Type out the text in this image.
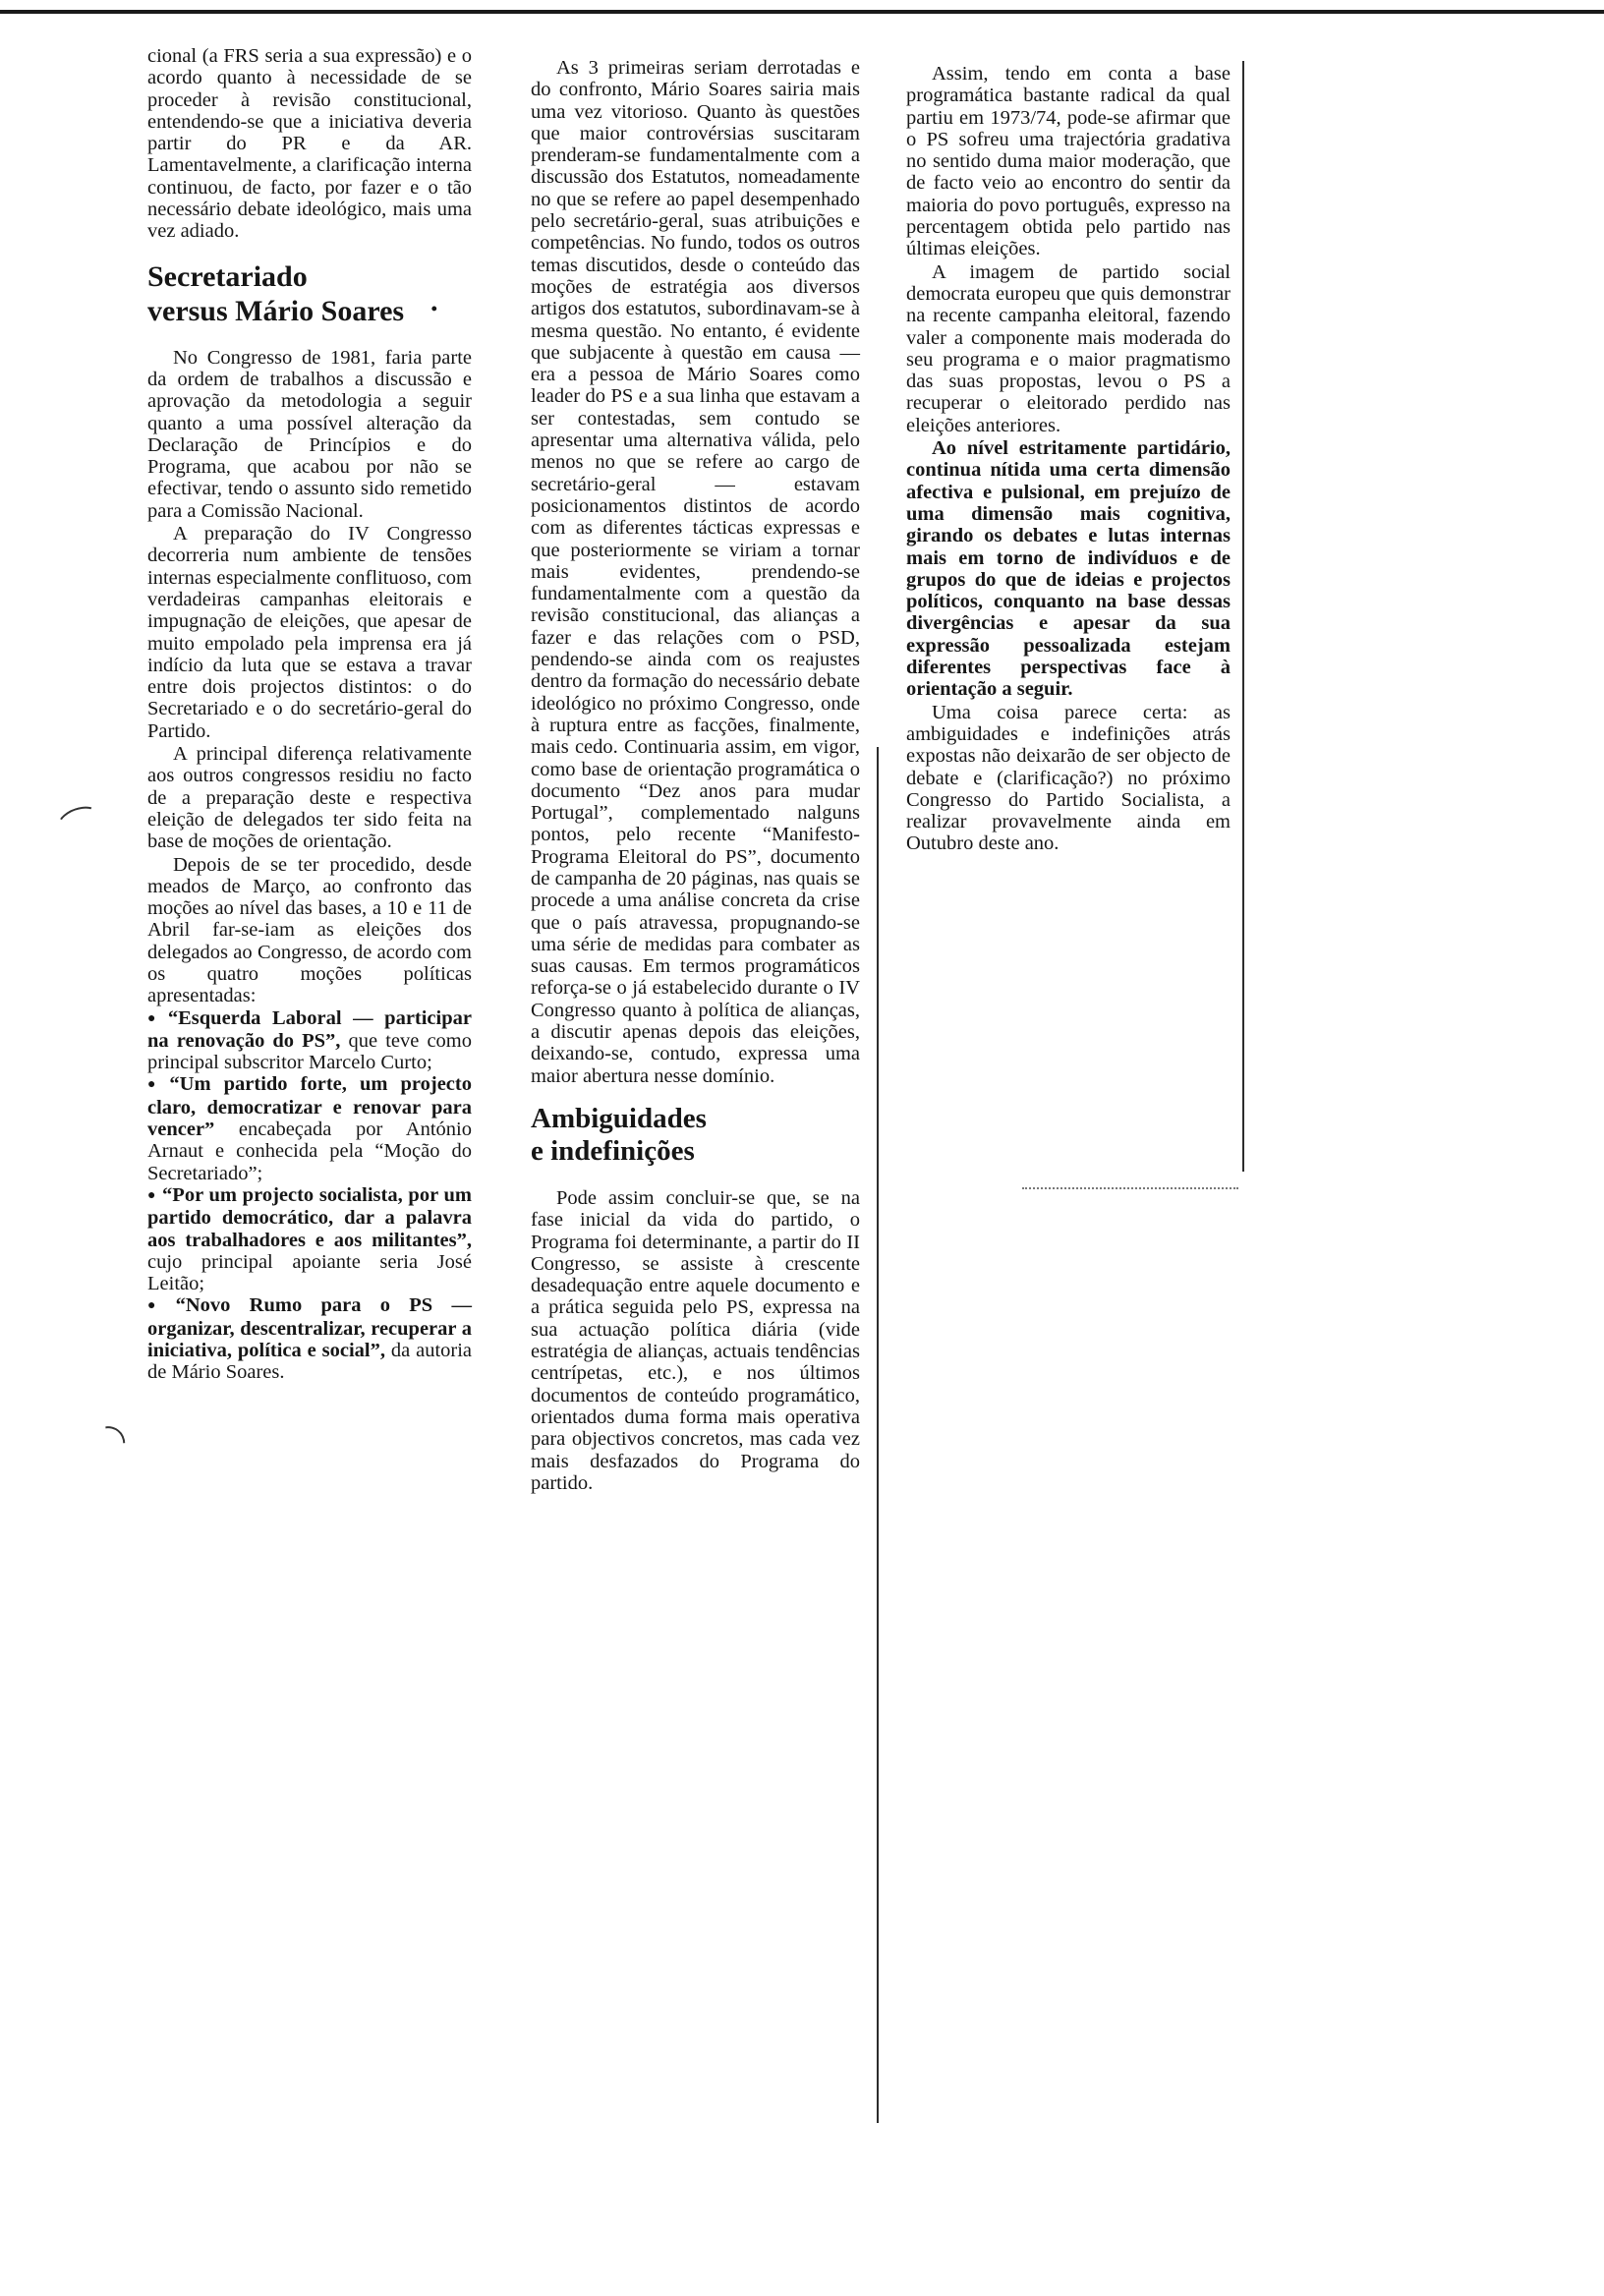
cional (a FRS seria a sua expressão) e o acordo quanto à necessidade de se proceder à revisão constitucional, entendendo-se que a iniciativa deveria partir do PR e da AR. Lamentavelmente, a clarificação interna continuou, de facto, por fazer e o tão necessário debate ideológico, mais uma vez adiado.

Secretariado
versus Mário Soares •

No Congresso de 1981, faria parte da ordem de trabalhos a discussão e aprovação da metodologia a seguir quanto a uma possível alteração da Declaração de Princípios e do Programa, que acabou por não se efectivar, tendo o assunto sido remetido para a Comissão Nacional.

A preparação do IV Congresso decorreria num ambiente de tensões internas especialmente conflituoso, com verdadeiras campanhas eleitorais e impugnação de eleições, que apesar de muito empolado pela imprensa era já indício da luta que se estava a travar entre dois projectos distintos: o do Secretariado e o do secretário-geral do Partido.

A principal diferença relativamente aos outros congressos residiu no facto de a preparação deste e respectiva eleição de delegados ter sido feita na base de moções de orientação.

Depois de se ter procedido, desde meados de Março, ao confronto das moções ao nível das bases, a 10 e 11 de Abril far-se-iam as eleições dos delegados ao Congresso, de acordo com os quatro moções políticas apresentadas:

● “Esquerda Laboral — participar na renovação do PS”, que teve como principal subscritor Marcelo Curto;
● “Um partido forte, um projecto claro, democratizar e renovar para vencer” encabeçada por António Arnaut e conhecida pela “Moção do Secretariado”;
● “Por um projecto socialista, por um partido democrático, dar a palavra aos trabalhadores e aos militantes”, cujo principal apoiante seria José Leitão;
● “Novo Rumo para o PS — organizar, descentralizar, recuperar a iniciativa, política e social”, da autoria de Mário Soares.

As 3 primeiras seriam derrotadas e do confronto, Mário Soares sairia mais uma vez vitorioso. Quanto às questões que maior controvérsias suscitaram prenderam-se fundamentalmente com a discussão dos Estatutos, nomeadamente no que se refere ao papel desempenhado pelo secretário-geral, suas atribuições e competências. No fundo, todos os outros temas discutidos, desde o conteúdo das moções de estratégia aos diversos artigos dos estatutos, subordinavam-se à mesma questão. No entanto, é evidente que subjacente à questão em causa — era a pessoa de Mário Soares como leader do PS e a sua linha que estavam a ser contestadas, sem contudo se apresentar uma alternativa válida, pelo menos no que se refere ao cargo de secretário-geral — estavam posicionamentos distintos de acordo com as diferentes tácticas expressas e que posteriormente se viriam a tornar mais evidentes, prendendo-se fundamentalmente com a questão da revisão constitucional, das alianças a fazer e das relações com o PSD, pendendo-se ainda com os reajustes dentro da formação do necessário debate ideológico no próximo Congresso, onde à ruptura entre as facções, finalmente, mais cedo. Continuaria assim, em vigor, como base de orientação programática o documento “Dez anos para mudar Portugal”, complementado nalguns pontos, pelo recente “Manifesto-Programa Eleitoral do PS”, documento de campanha de 20 páginas, nas quais se procede a uma análise concreta da crise que o país atravessa, propugnando-se uma série de medidas para combater as suas causas. Em termos programáticos reforça-se o já estabelecido durante o IV Congresso quanto à política de alianças, a discutir apenas depois das eleições, deixando-se, contudo, expressa uma maior abertura nesse domínio.

Ambiguidades
e indefinições

Pode assim concluir-se que, se na fase inicial da vida do partido, o Programa foi determinante, a partir do II Congresso, se assiste à crescente desadequação entre aquele documento e a prática seguida pelo PS, expressa na sua actuação política diária (vide estratégia de alianças, actuais tendências centrípetas, etc.), e nos últimos documentos de conteúdo programático, orientados duma forma mais operativa para objectivos concretos, mas cada vez mais desfazados do Programa do partido.

Assim, tendo em conta a base programática bastante radical da qual partiu em 1973/74, pode-se afirmar que o PS sofreu uma trajectória gradativa no sentido duma maior moderação, que de facto veio ao encontro do sentir da maioria do povo português, expresso na percentagem obtida pelo partido nas últimas eleições.

A imagem de partido social democrata europeu que quis demonstrar na recente campanha eleitoral, fazendo valer a componente mais moderada do seu programa e o maior pragmatismo das suas propostas, levou o PS a recuperar o eleitorado perdido nas eleições anteriores.

Ao nível estritamente partidário, continua nítida uma certa dimensão afectiva e pulsional, em prejuízo de uma dimensão mais cognitiva, girando os debates e lutas internas mais em torno de indivíduos e de grupos do que de ideias e projectos políticos, conquanto na base dessas divergências e apesar da sua expressão pessoalizada estejam diferentes perspectivas face à orientação a seguir.

Uma coisa parece certa: as ambiguidades e indefinições atrás expostas não deixarão de ser objecto de debate e (clarificação?) no próximo Congresso do Partido Socialista, a realizar provavelmente ainda em Outubro deste ano.
